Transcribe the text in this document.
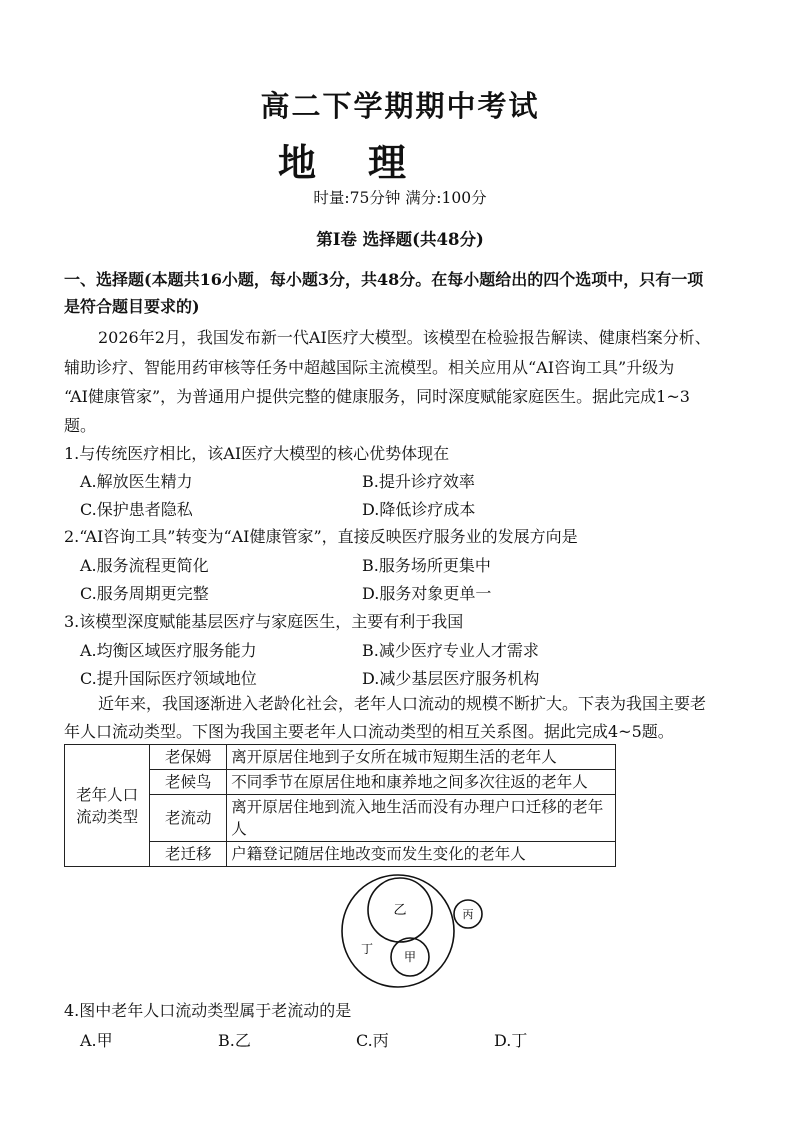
高二下学期期中考试
地理
时量:75分钟 满分:100分
第Ⅰ卷 选择题(共48分)
一、选择题(本题共16小题，每小题3分，共48分。在每小题给出的四个选项中，只有一项
是符合题目要求的)
2026年2月，我国发布新一代AI医疗大模型。该模型在检验报告解读、健康档案分析、
辅助诊疗、智能用药审核等任务中超越国际主流模型。相关应用从“AI咨询工具”升级为
“AI健康管家”，为普通用户提供完整的健康服务，同时深度赋能家庭医生。据此完成1~3
题。
1.与传统医疗相比，该AI医疗大模型的核心优势体现在
A.解放医生精力	B.提升诊疗效率
C.保护患者隐私	D.降低诊疗成本
2.“AI咨询工具”转变为“AI健康管家”，直接反映医疗服务业的发展方向是
A.服务流程更简化	B.服务场所更集中
C.服务周期更完整	D.服务对象更单一
3.该模型深度赋能基层医疗与家庭医生，主要有利于我国
A.均衡区域医疗服务能力	B.减少医疗专业人才需求
C.提升国际医疗领域地位	D.减少基层医疗服务机构
近年来，我国逐渐进入老龄化社会，老年人口流动的规模不断扩大。下表为我国主要老
年人口流动类型。下图为我国主要老年人口流动类型的相互关系图。据此完成4~5题。
老年人口
流动类型	老保姆	离开原居住地到子女所在城市短期生活的老年人
	老候鸟	不同季节在原居住地和康养地之间多次往返的老年人
	老流动	离开原居住地到流入地生活而没有办理户口迁移的老年人
	老迁移	户籍登记随居住地改变而发生变化的老年人
乙
甲
丙
丁
4.图中老年人口流动类型属于老流动的是
A.甲	B.乙	C.丙	D.丁
